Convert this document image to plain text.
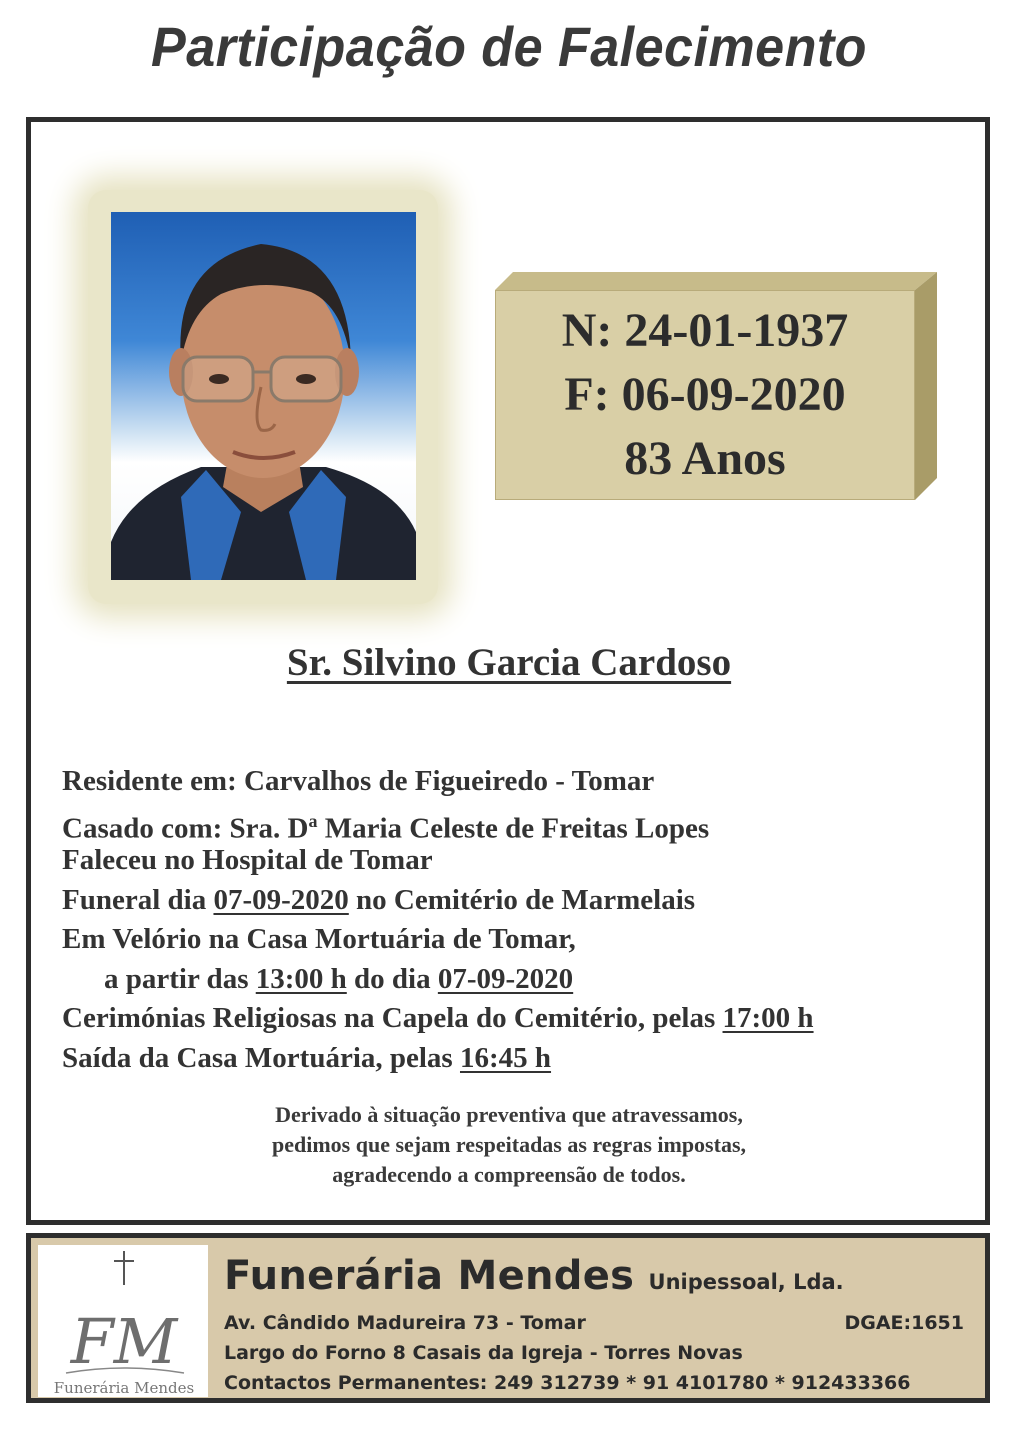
Participação de Falecimento
N: 24-01-1937
F: 06-09-2020
83 Anos
Sr. Silvino Garcia Cardoso
Residente em: Carvalhos de Figueiredo - Tomar
Casado com: Sra. $D^a$ Maria Celeste de Freitas Lopes
Faleceu no Hospital de Tomar
Funeral dia 07-09-2020 no Cemitério de Marmelais
Em Velório na Casa Mortuária de Tomar,
a partir das 13:00 h do dia 07-09-2020
Cerimónias Religiosas na Capela do Cemitério, pelas 17:00 h
Saída da Casa Mortuária, pelas 16:45 h
Derivado à situação preventiva que atravessamos,
pedimos que sejam respeitadas as regras impostas,
agradecendo a compreensão de todos.
FM
Funerária Mendes
Funerária Mendes Unipessoal, Lda.
Av. Cândido Madureira 73 - Tomar	DGAE:1651
Largo do Forno 8 Casais da Igreja - Torres Novas
Contactos Permanentes: 249 312739 * 91 4101780 * 912433366
